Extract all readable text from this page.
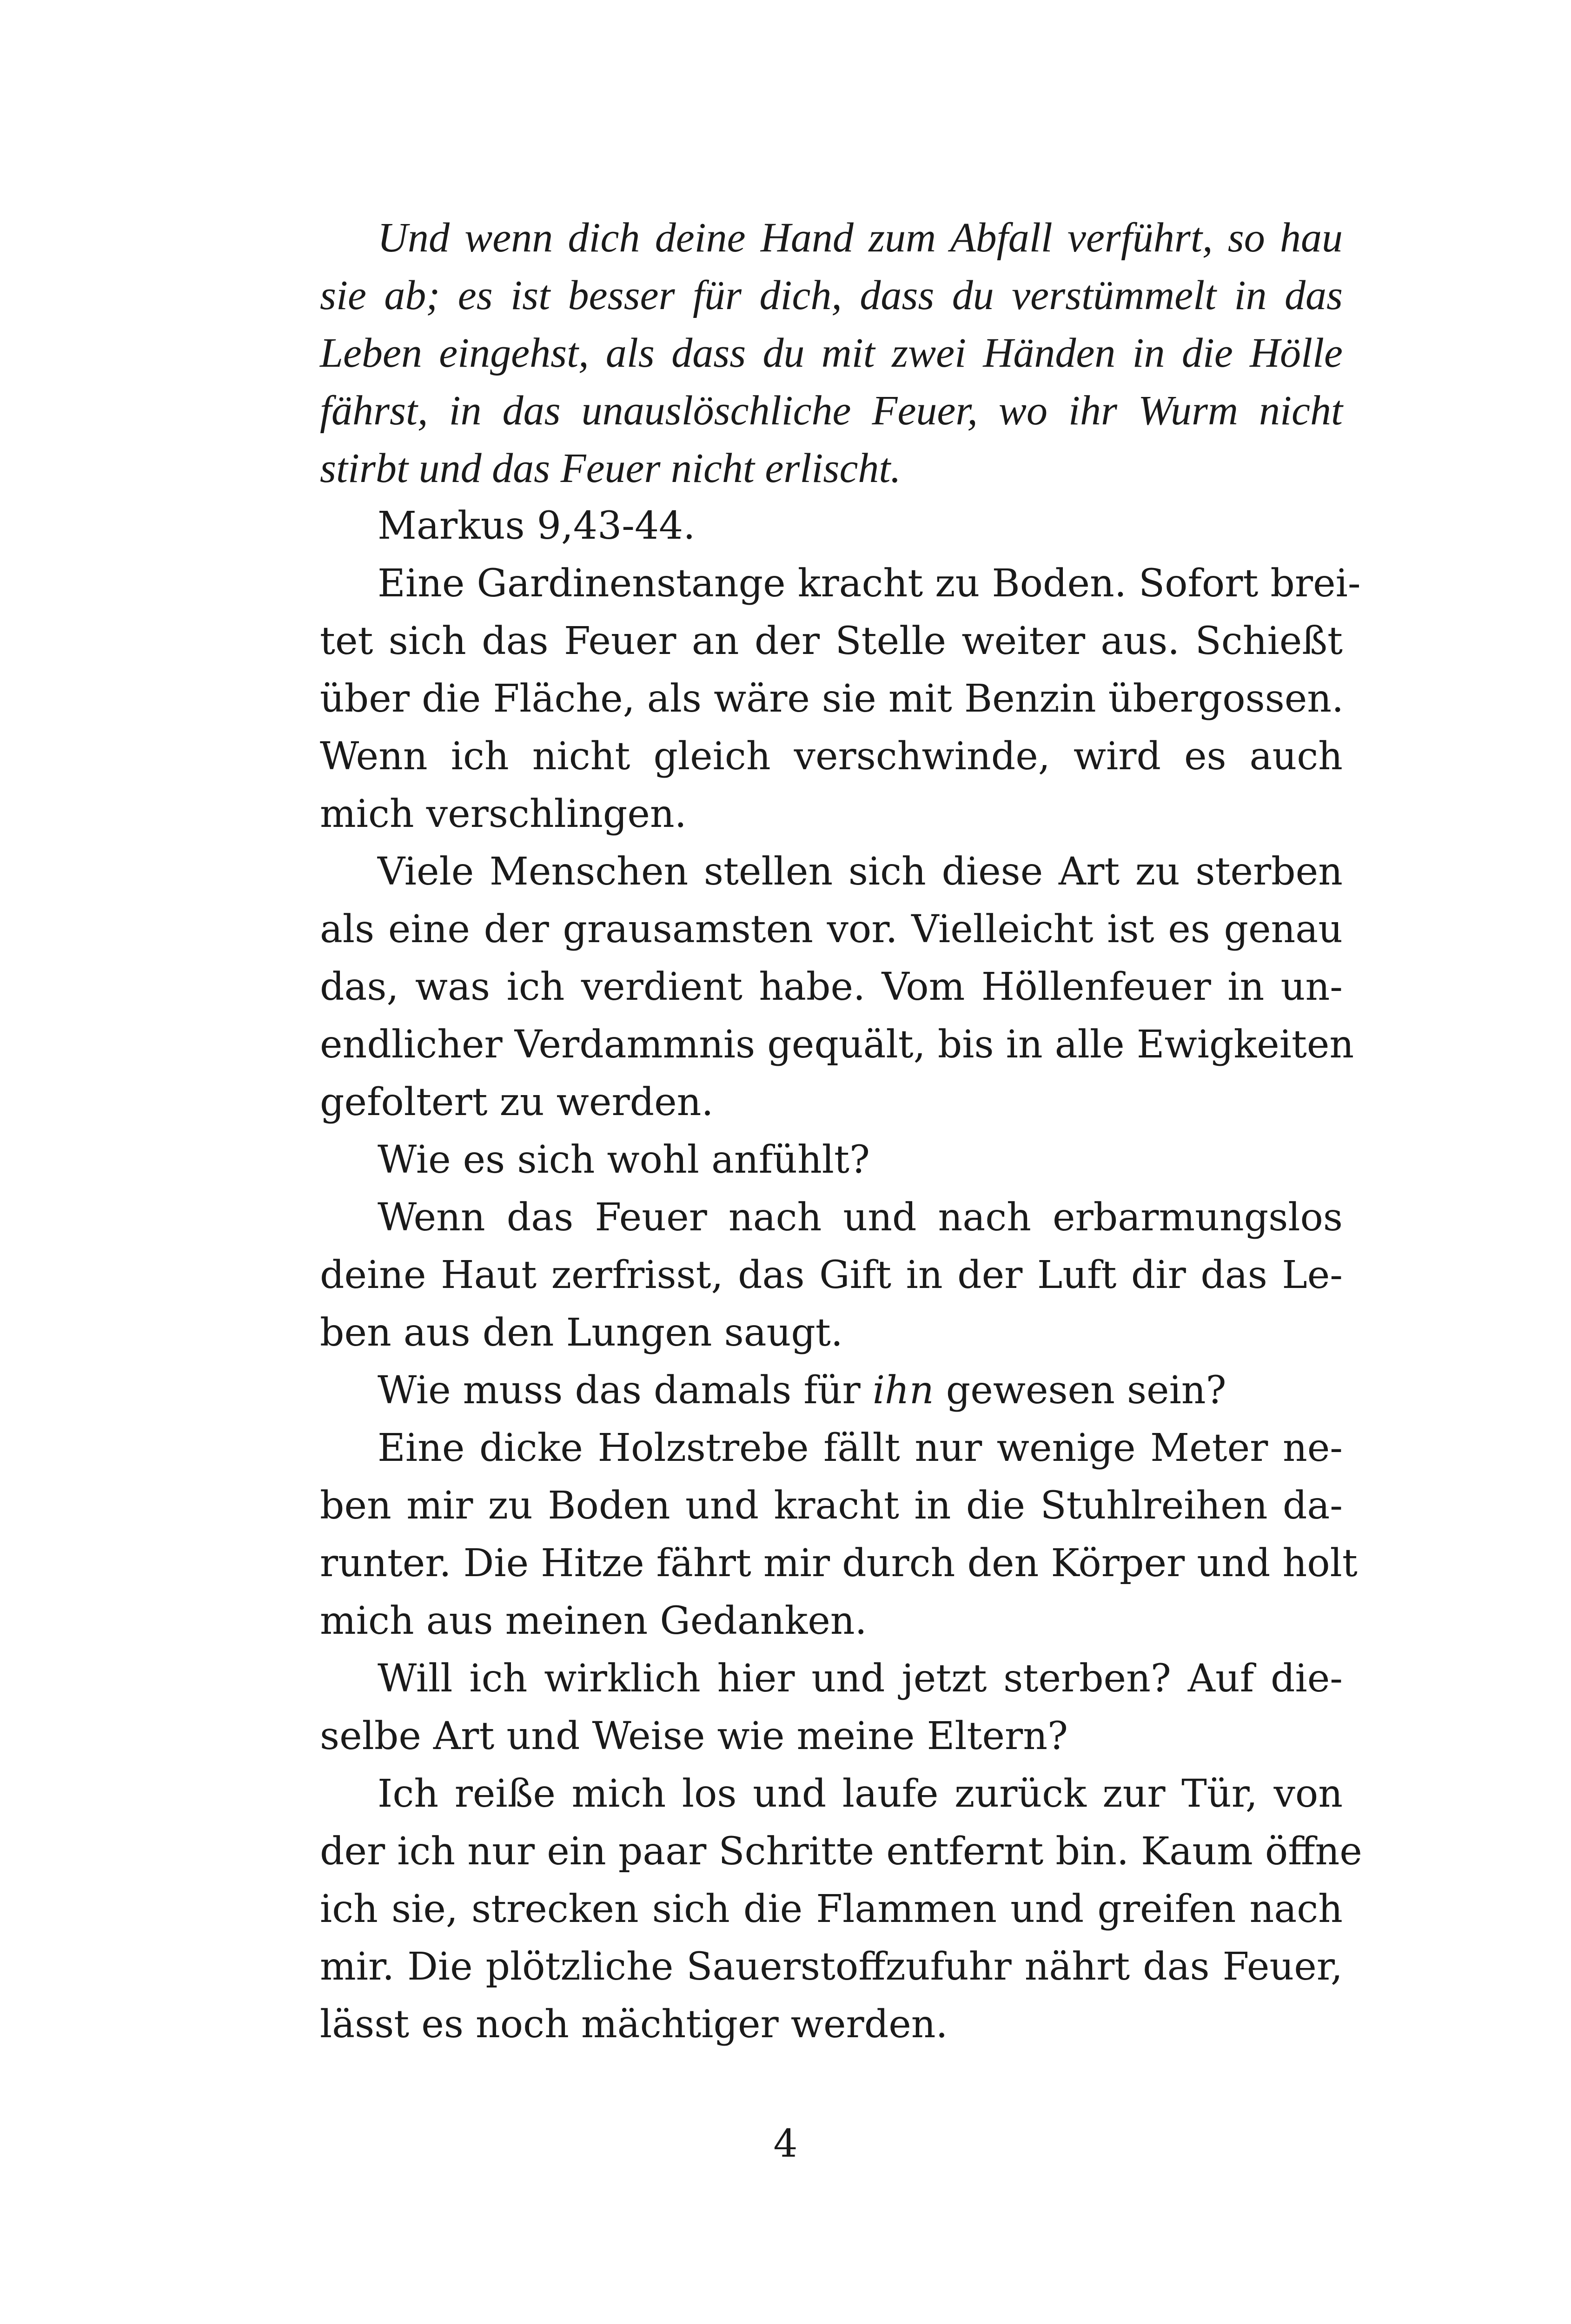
Und wenn dich deine Hand zum Abfall verführt, so hau
sie ab; es ist besser für dich, dass du verstümmelt in das
Leben eingehst, als dass du mit zwei Händen in die Hölle
fährst, in das unauslöschliche Feuer, wo ihr Wurm nicht
stirbt und das Feuer nicht erlischt.
Markus 9,43-44.
Eine Gardinenstange kracht zu Boden. Sofort brei-
tet sich das Feuer an der Stelle weiter aus. Schießt
über die Fläche, als wäre sie mit Benzin übergossen.
Wenn ich nicht gleich verschwinde, wird es auch
mich verschlingen.
Viele Menschen stellen sich diese Art zu sterben
als eine der grausamsten vor. Vielleicht ist es genau
das, was ich verdient habe. Vom Höllenfeuer in un-
endlicher Verdammnis gequält, bis in alle Ewigkeiten
gefoltert zu werden.
Wie es sich wohl anfühlt?
Wenn das Feuer nach und nach erbarmungslos
deine Haut zerfrisst, das Gift in der Luft dir das Le-
ben aus den Lungen saugt.
Wie muss das damals für ihn gewesen sein?
Eine dicke Holzstrebe fällt nur wenige Meter ne-
ben mir zu Boden und kracht in die Stuhlreihen da-
runter. Die Hitze fährt mir durch den Körper und holt
mich aus meinen Gedanken.
Will ich wirklich hier und jetzt sterben? Auf die-
selbe Art und Weise wie meine Eltern?
Ich reiße mich los und laufe zurück zur Tür, von
der ich nur ein paar Schritte entfernt bin. Kaum öffne
ich sie, strecken sich die Flammen und greifen nach
mir. Die plötzliche Sauerstoffzufuhr nährt das Feuer,
lässt es noch mächtiger werden.
4
